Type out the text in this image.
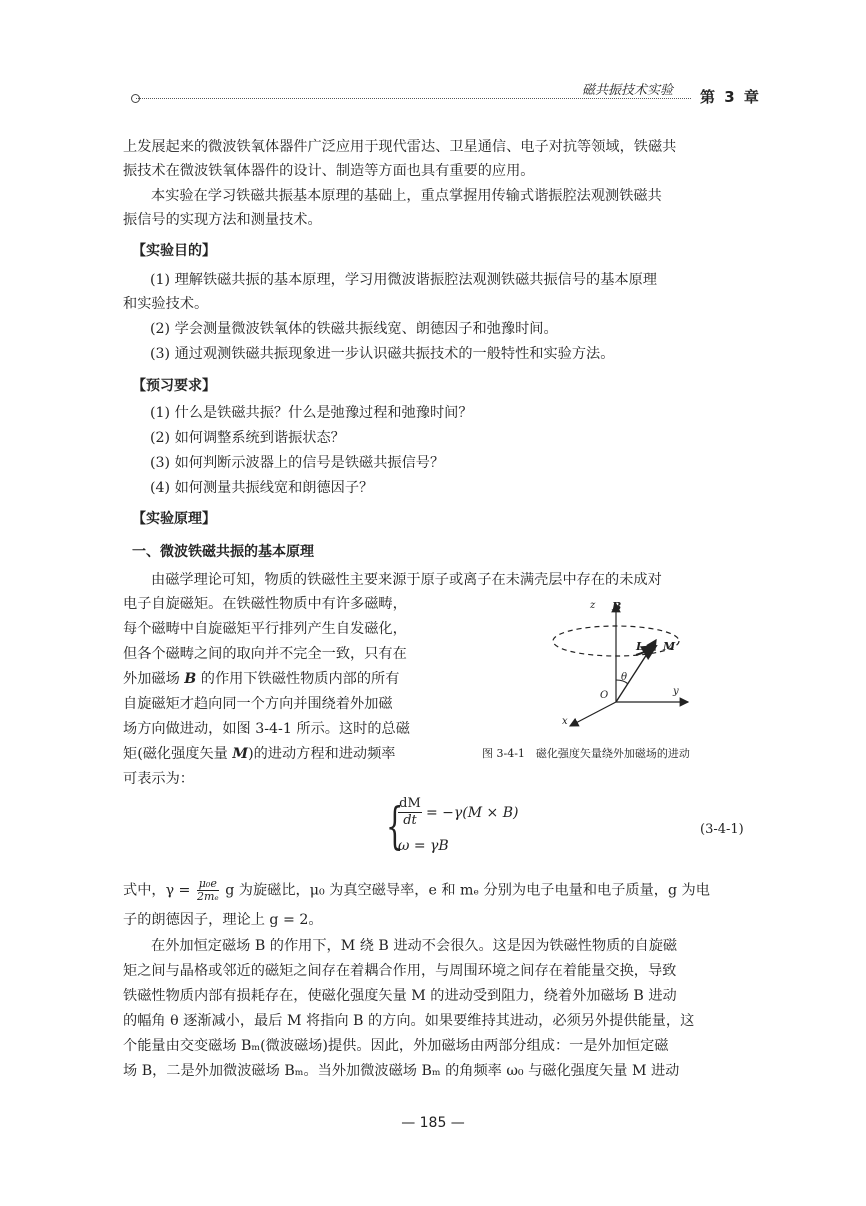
磁共振技术实验 第 3 章
上发展起来的微波铁氧体器件广泛应用于现代雷达、卫星通信、电子对抗等领域，铁磁共
振技术在微波铁氧体器件的设计、制造等方面也具有重要的应用。
本实验在学习铁磁共振基本原理的基础上，重点掌握用传输式谐振腔法观测铁磁共
振信号的实现方法和测量技术。
【实验目的】
(1) 理解铁磁共振的基本原理，学习用微波谐振腔法观测铁磁共振信号的基本原理
和实验技术。
(2) 学会测量微波铁氧体的铁磁共振线宽、朗德因子和弛豫时间。
(3) 通过观测铁磁共振现象进一步认识磁共振技术的一般特性和实验方法。
【预习要求】
(1) 什么是铁磁共振？什么是弛豫过程和弛豫时间？
(2) 如何调整系统到谐振状态？
(3) 如何判断示波器上的信号是铁磁共振信号？
(4) 如何测量共振线宽和朗德因子？
【实验原理】
一、微波铁磁共振的基本原理
由磁学理论可知，物质的铁磁性主要来源于原子或离子在未满壳层中存在的未成对
电子自旋磁矩。在铁磁性物质中有许多磁畴，
每个磁畴中自旋磁矩平行排列产生自发磁化，
但各个磁畴之间的取向并不完全一致，只有在
外加磁场 B 的作用下铁磁性物质内部的所有
自旋磁矩才趋向同一个方向并围绕着外加磁
场方向做进动，如图 3-4-1 所示。这时的总磁
矩(磁化强度矢量 M)的进动方程和进动频率
可表示为：
z B
L M
θ
O	y
x
图 3-4-1　磁化强度矢量绕外加磁场的进动
{
dM
dt = −γ(M × B)
ω = γB
(3-4-1)
式中，$\gamma = \frac{\text{μ₀e}}{\text{2mₑ}}$ g 为旋磁比，μ₀ 为真空磁导率，e 和 mₑ 分别为电子电量和电子质量，g 为电
子的朗德因子，理论上 g = 2。
在外加恒定磁场 B 的作用下，M 绕 B 进动不会很久。这是因为铁磁性物质的自旋磁
矩之间与晶格或邻近的磁矩之间存在着耦合作用，与周围环境之间存在着能量交换，导致
铁磁性物质内部有损耗存在，使磁化强度矢量 M 的进动受到阻力，绕着外加磁场 B 进动
的幅角 θ 逐渐减小，最后 M 将指向 B 的方向。如果要维持其进动，必须另外提供能量，这
个能量由交变磁场 Bₘ(微波磁场)提供。因此，外加磁场由两部分组成：一是外加恒定磁
场 B，二是外加微波磁场 Bₘ。当外加微波磁场 Bₘ 的角频率 ω₀ 与磁化强度矢量 M 进动
— 185 —
